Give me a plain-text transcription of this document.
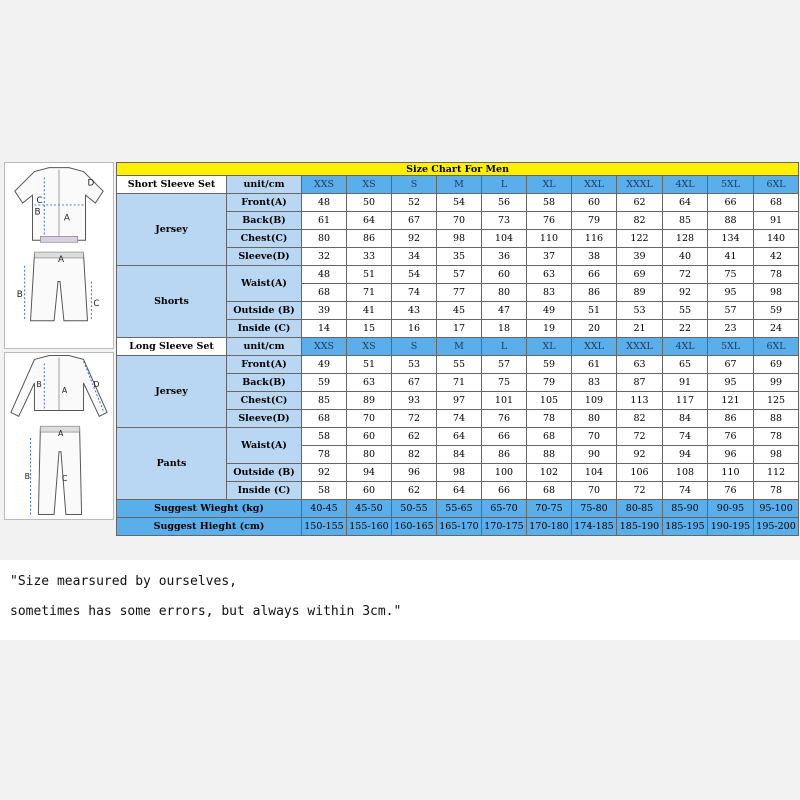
C
A
B
D
A
B
C
A
B	D
A
B	C
Size Chart For Men												
Short Sleeve Set	unit/cm	XXS	XS	S	M	L	XL	XXL	XXXL	4XL	5XL	6XL
Jersey	Front(A)	48	50	52	54	56	58	60	62	64	66	68
	Back(B)	61	64	67	70	73	76	79	82	85	88	91
	Chest(C)	80	86	92	98	104	110	116	122	128	134	140
	Sleeve(D)	32	33	34	35	36	37	38	39	40	41	42
Shorts	Waist(A)	48	51	54	57	60	63	66	69	72	75	78
		68	71	74	77	80	83	86	89	92	95	98
	Outside (B)	39	41	43	45	47	49	51	53	55	57	59
	Inside (C)	14	15	16	17	18	19	20	21	22	23	24
Long Sleeve Set	unit/cm	XXS	XS	S	M	L	XL	XXL	XXXL	4XL	5XL	6XL
Jersey	Front(A)	49	51	53	55	57	59	61	63	65	67	69
	Back(B)	59	63	67	71	75	79	83	87	91	95	99
	Chest(C)	85	89	93	97	101	105	109	113	117	121	125
	Sleeve(D)	68	70	72	74	76	78	80	82	84	86	88
Pants	Waist(A)	58	60	62	64	66	68	70	72	74	76	78
		78	80	82	84	86	88	90	92	94	96	98
	Outside (B)	92	94	96	98	100	102	104	106	108	110	112
	Inside (C)	58	60	62	64	66	68	70	72	74	76	78
Suggest Wieght (kg)		40-45	45-50	50-55	55-65	65-70	70-75	75-80	80-85	85-90	90-95	95-100
Suggest Hieght (cm)		150-155	155-160	160-165	165-170	170-175	170-180	174-185	185-190	185-195	190-195	195-200
"Size mearsured by ourselves,
sometimes has some errors, but always within 3cm."
